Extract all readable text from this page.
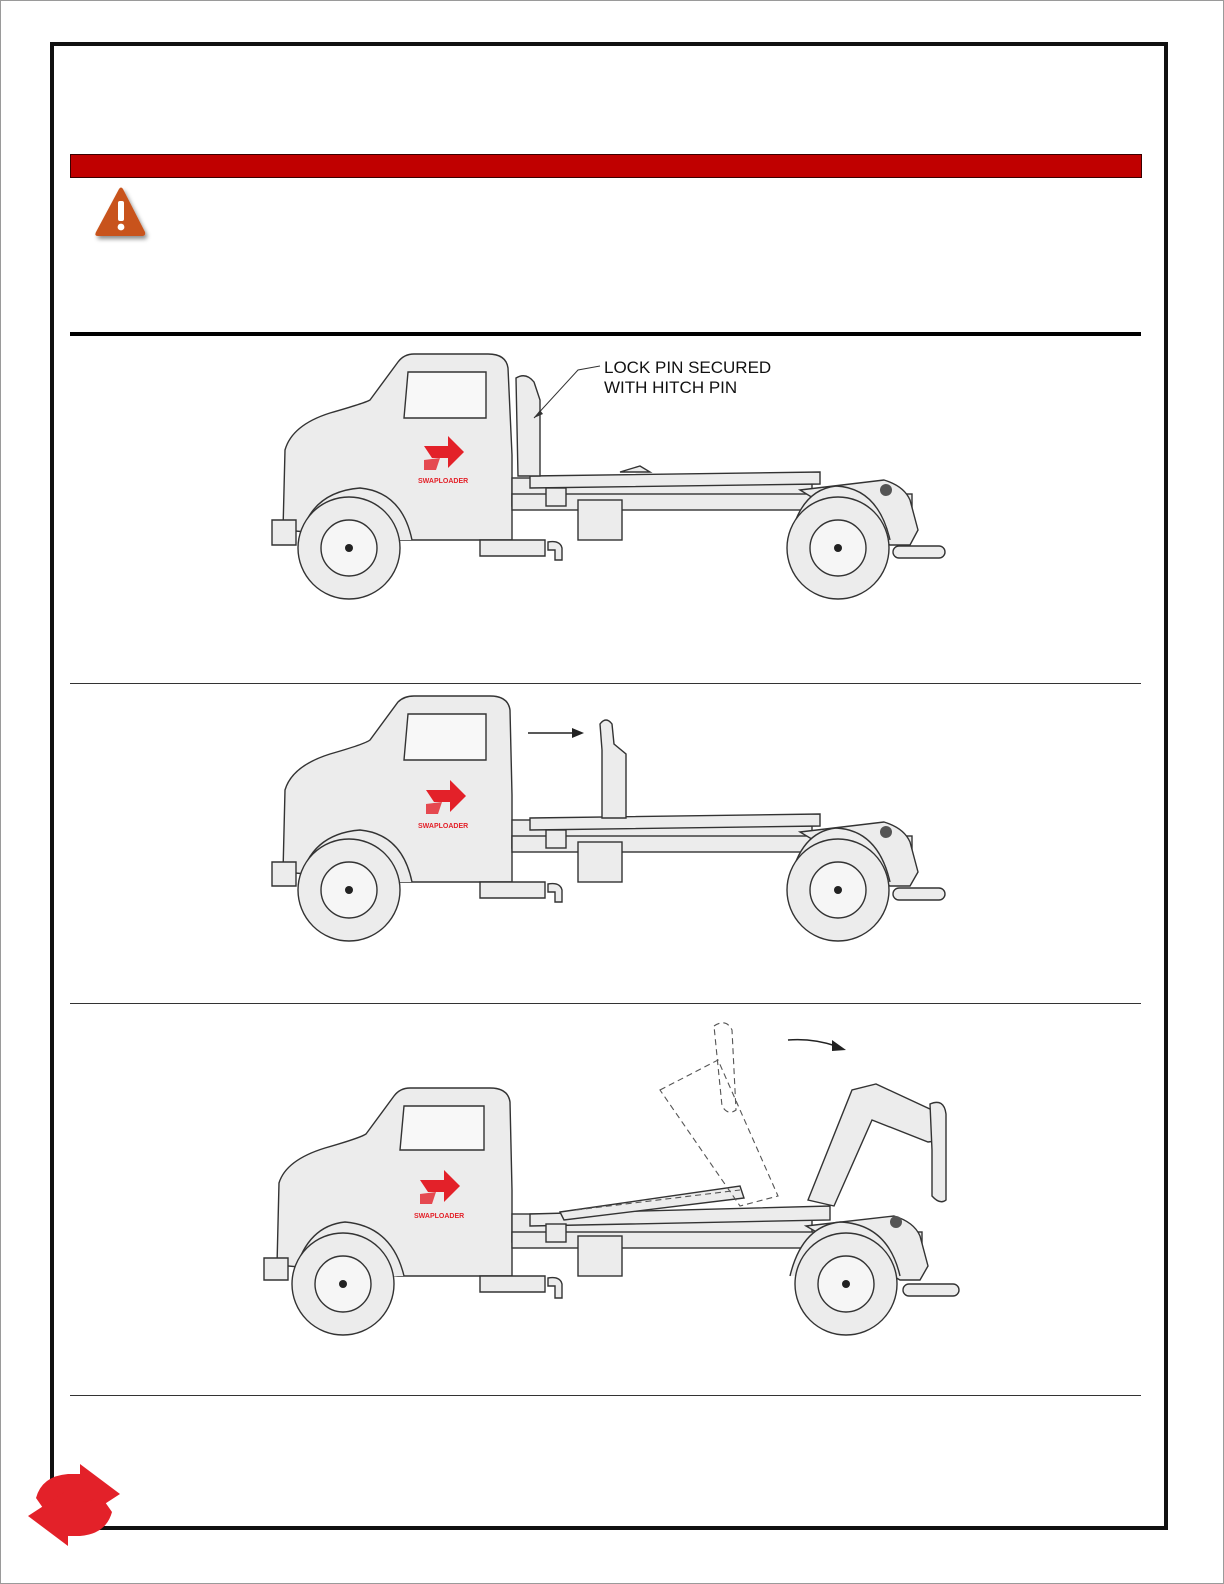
SWAPLOADER
LOCK PIN SECURED
WITH HITCH PIN
SWAPLOADER
SWAPLOADER
